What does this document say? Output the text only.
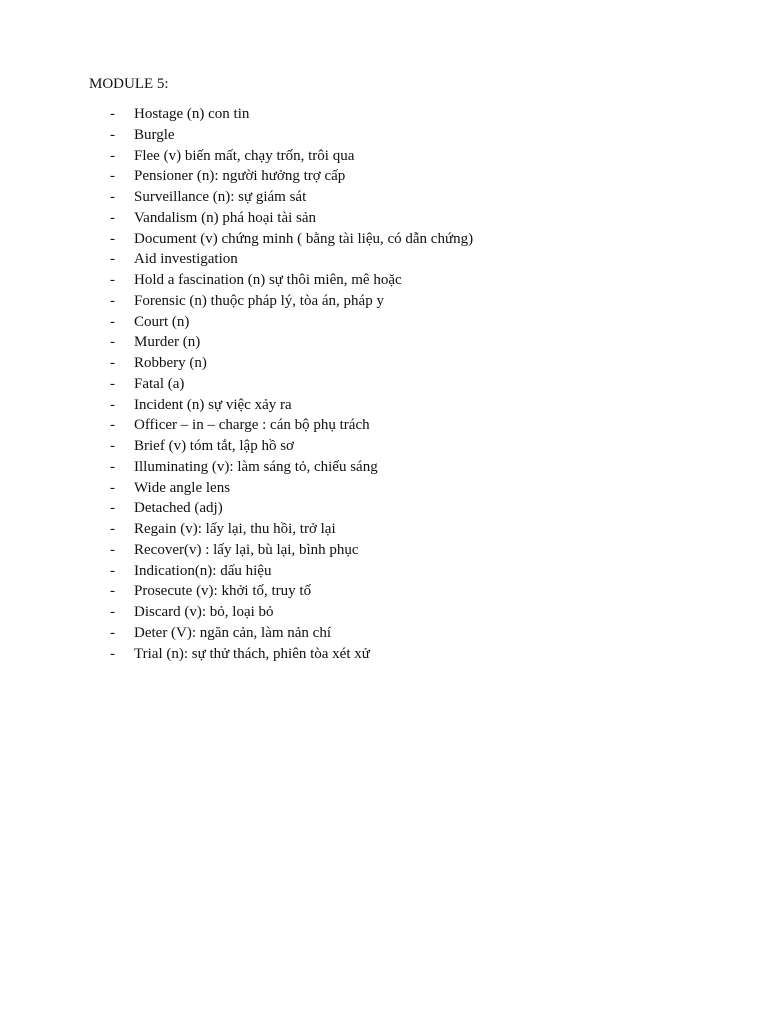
MODULE 5:
-	Hostage (n) con tin
-	Burgle
-	Flee (v) biến mất, chạy trốn, trôi qua
-	Pensioner (n): người hưởng trợ cấp
-	Surveillance (n): sự giám sát
-	Vandalism (n) phá hoại tài sản
-	Document (v) chứng minh ( bằng tài liệu, có dẫn chứng)
-	Aid investigation
-	Hold a fascination (n) sự thôi miên, mê hoặc
-	Forensic (n) thuộc pháp lý, tòa án, pháp y
-	Court (n)
-	Murder (n)
-	Robbery (n)
-	Fatal (a)
-	Incident (n) sự việc xảy ra
-	Officer – in – charge : cán bộ phụ trách
-	Brief (v) tóm tắt, lập hồ sơ
-	Illuminating (v): làm sáng tỏ, chiếu sáng
-	Wide angle lens
-	Detached (adj)
-	Regain (v): lấy lại, thu hồi, trở lại
-	Recover(v) : lấy lại, bù lại, bình phục
-	Indication(n): dấu hiệu
-	Prosecute (v): khởi tố, truy tố
-	Discard (v): bỏ, loại bỏ
-	Deter (V): ngăn cản, làm nản chí
-	Trial (n): sự thử thách, phiên tòa xét xử
